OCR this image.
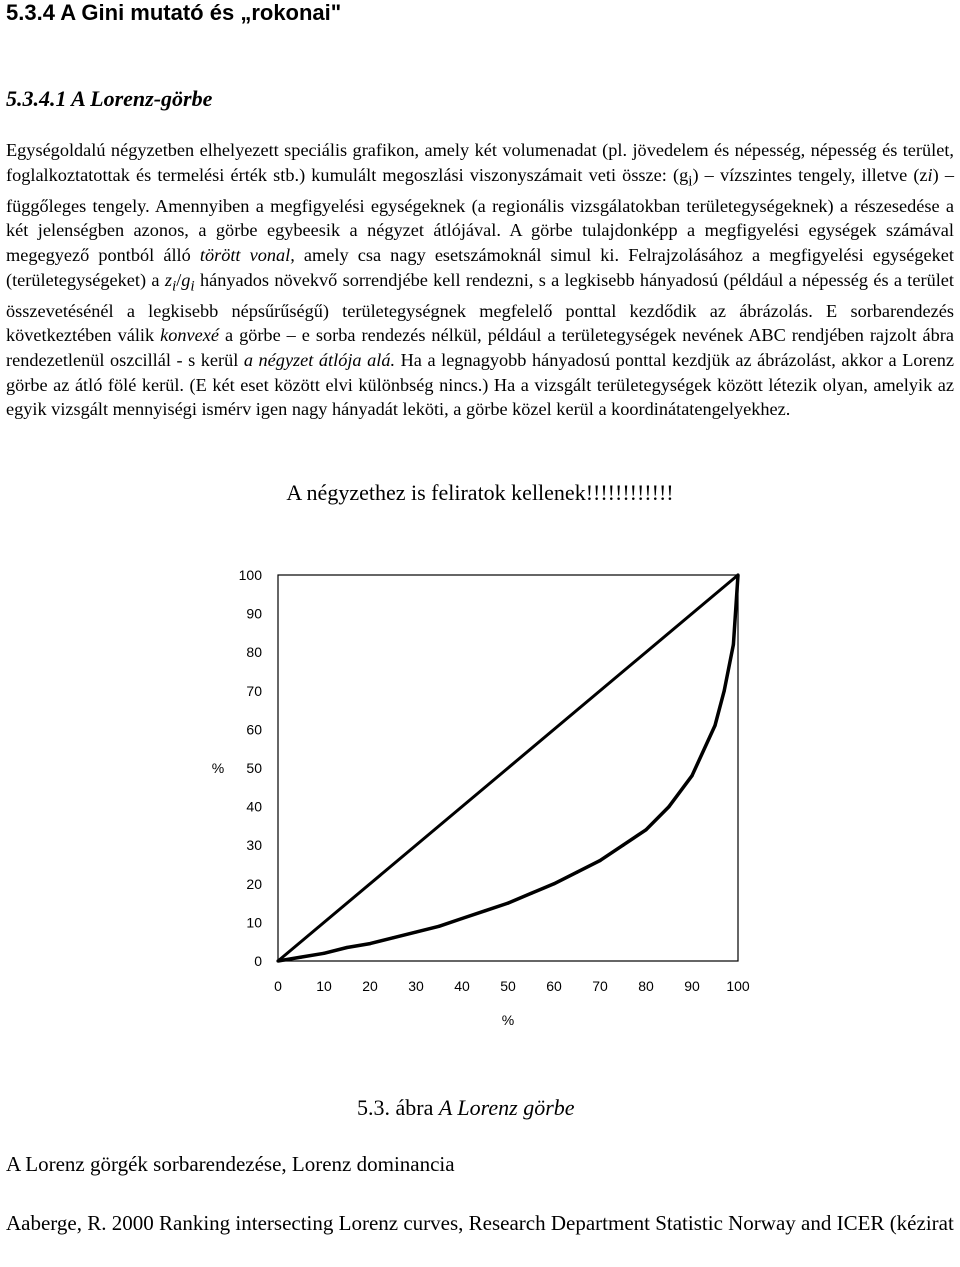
5.3.4 A Gini mutató és „rokonai"
5.3.4.1 A Lorenz-görbe

Egységoldalú négyzetben elhelyezett speciális grafikon, amely két volumenadat (pl. jövedelem és népesség, népesség és terület, foglalkoztatottak és termelési érték stb.) kumulált megoszlási viszonyszámait veti össze: $(g_i)$ – vízszintes tengely, illetve (zi) – függőleges tengely. Amennyiben a megfigyelési egységeknek (a regionális vizsgálatokban területegységeknek) a részesedése a két jelenségben azonos, a görbe egybeesik a négyzet átlójával. A görbe tulajdonképp a megfigyelési egységek számával megegyező pontból álló törött vonal, amely csa nagy esetszámoknál simul ki. Felrajzolásához a megfigyelési egységeket (területegységeket) a $z_i/g_i$ hányados növekvő sorrendjébe kell rendezni, s a legkisebb hányadosú (például a népesség és a terület összevetésénél a legkisebb népsűrűségű) területegységnek megfelelő ponttal kezdődik az ábrázolás. E sorbarendezés következtében válik konvexé a görbe – e sorba rendezés nélkül, például a területegységek nevének ABC rendjében rajzolt ábra rendezetlenül oszcillál - s kerül a négyzet átlója alá. Ha a legnagyobb hányadosú ponttal kezdjük az ábrázolást, akkor a Lorenz görbe az átló fölé kerül. (E két eset között elvi különbség nincs.) Ha a vizsgált területegységek között létezik olyan, amelyik az egyik vizsgált mennyiségi ismérv igen nagy hányadát leköti, a görbe közel kerül a koordinátatengelyekhez.

A négyzethez is feliratok kellenek!!!!!!!!!!!!

0
10
20
30
40
50
60
70
80
90
100
0 10 20 30 40 50 60 70 80 90 100
%
%

5.3. ábra A Lorenz görbe

A Lorenz görgék sorbarendezése, Lorenz dominancia

Aaberge, R. 2000 Ranking intersecting Lorenz curves, Research Department Statistic Norway and ICER (kézirat
